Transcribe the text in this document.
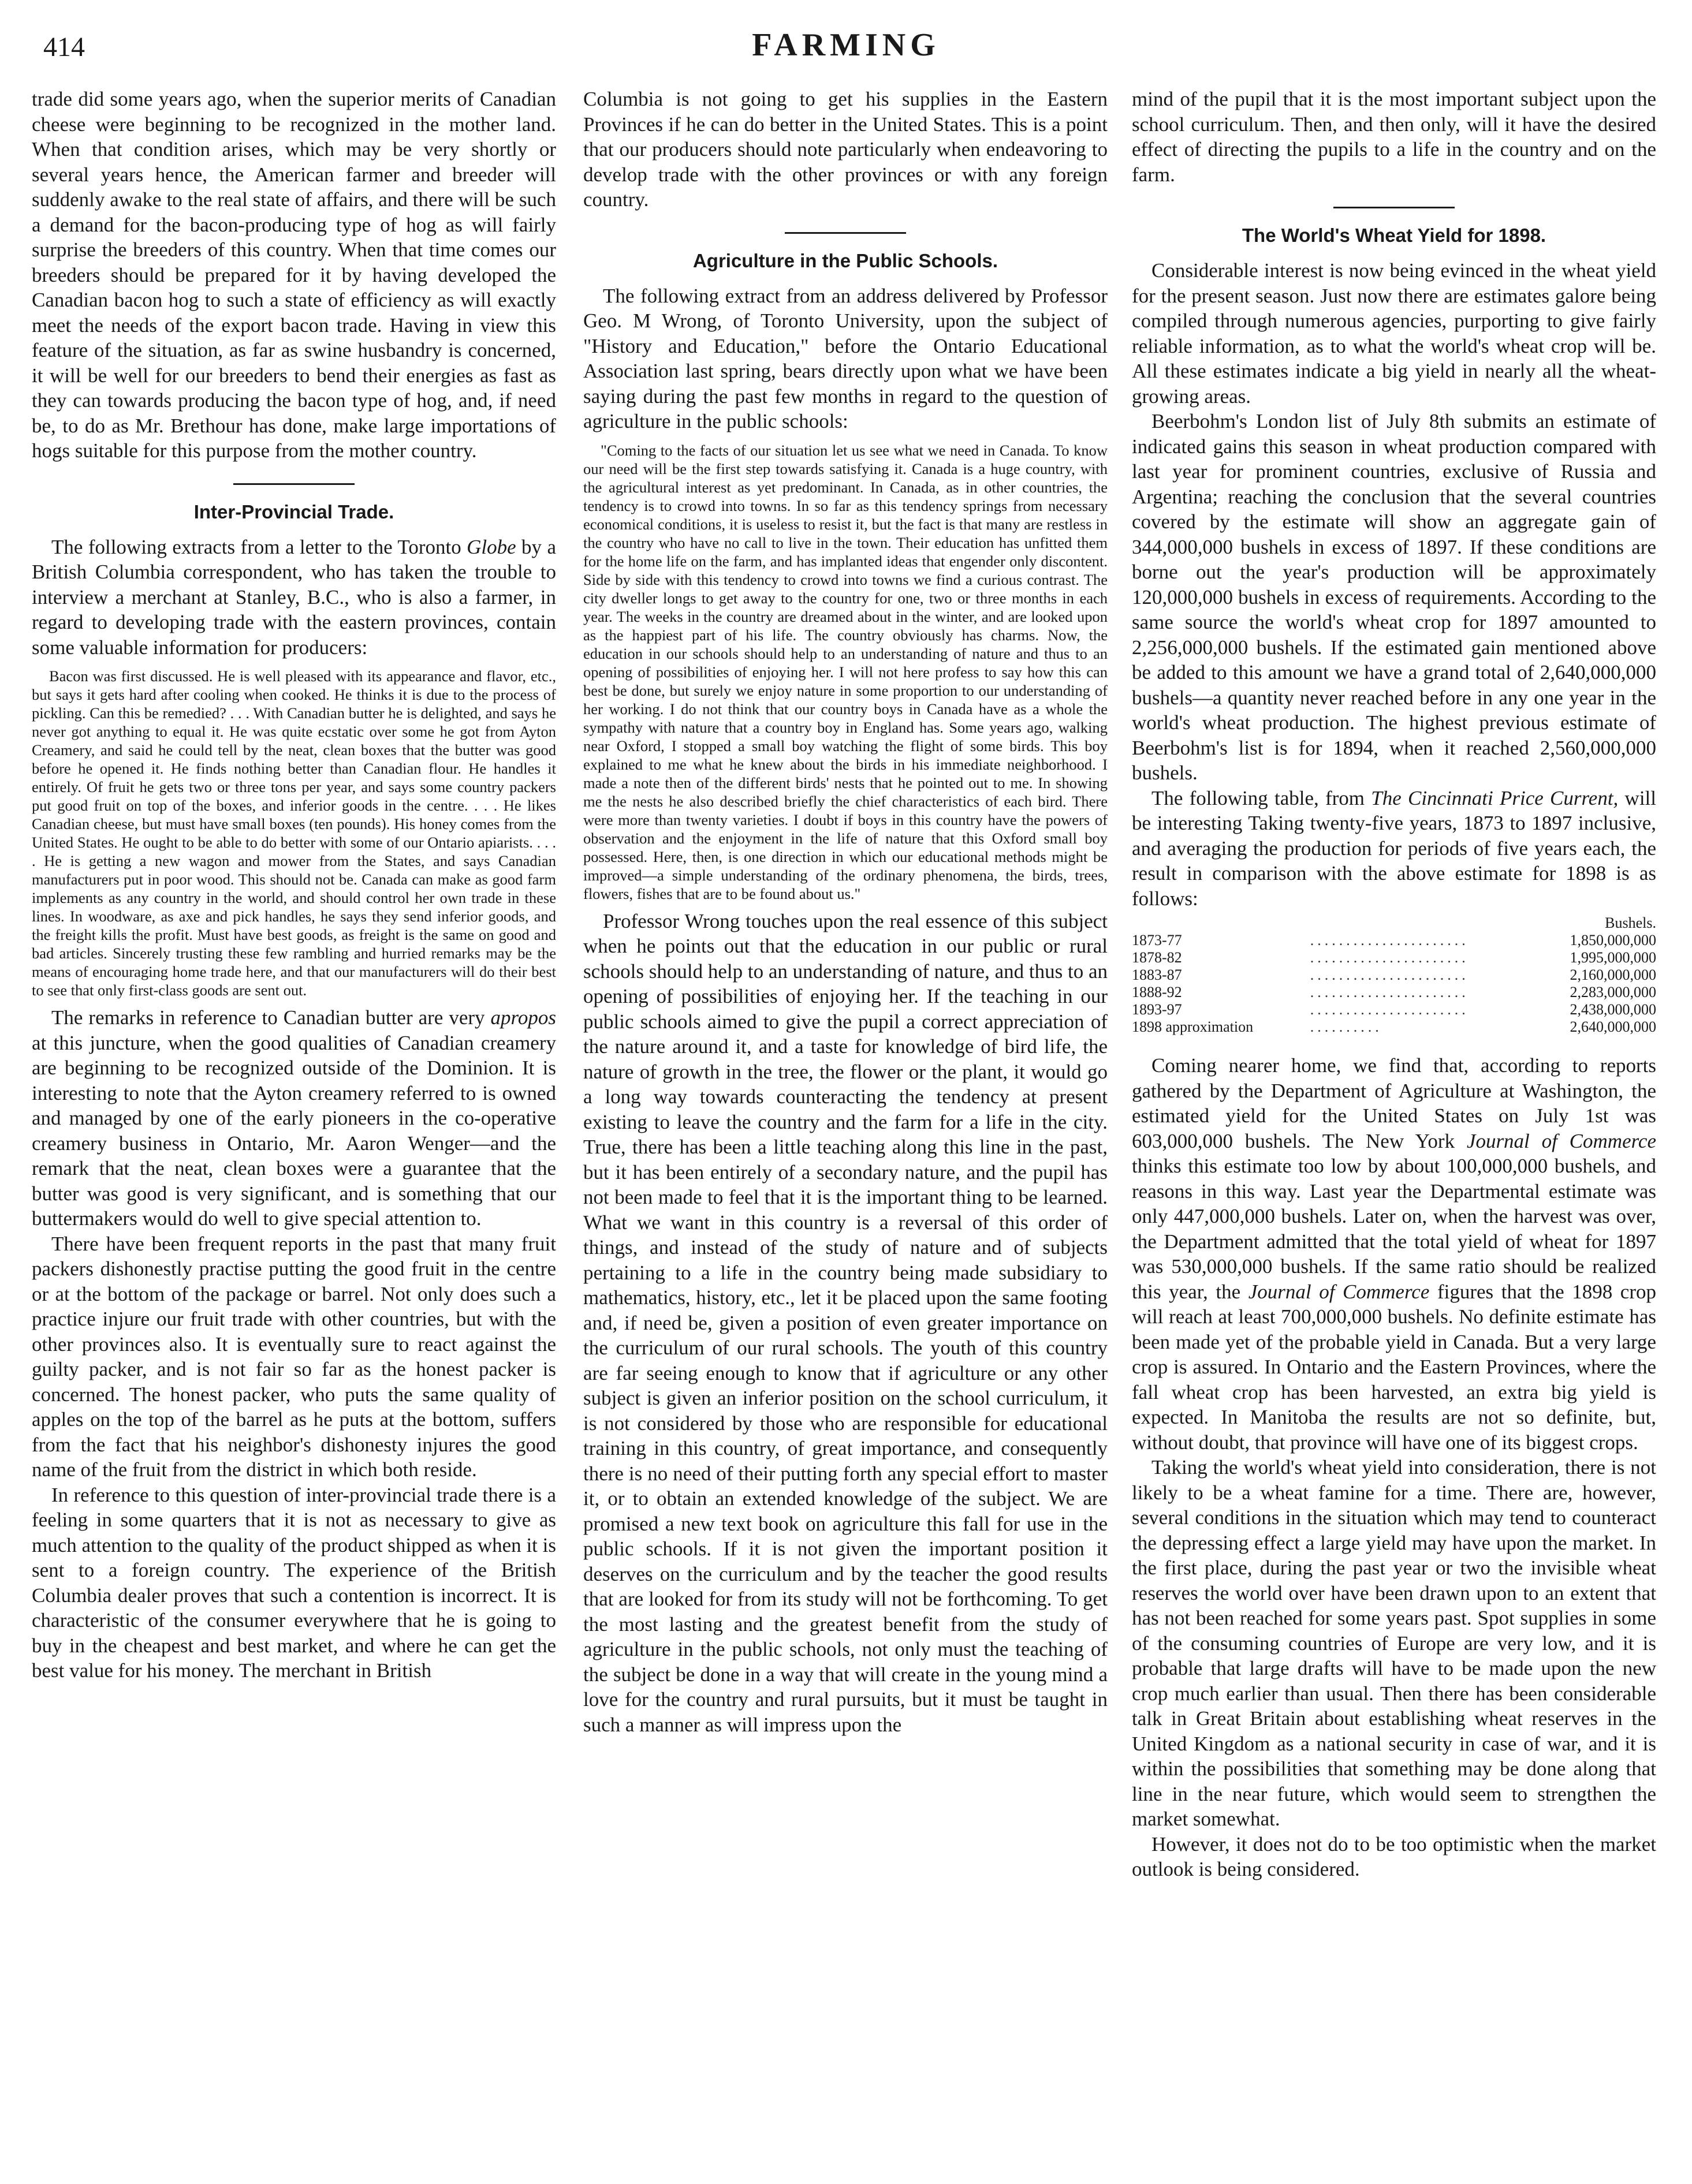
414	FARMING

trade did some years ago, when the superior merits of Canadian cheese were beginning to be recognized in the mother land. When that condition arises, which may be very shortly or several years hence, the American farmer and breeder will suddenly awake to the real state of affairs, and there will be such a demand for the bacon-producing type of hog as will fairly surprise the breeders of this country. When that time comes our breeders should be prepared for it by having developed the Canadian bacon hog to such a state of efficiency as will exactly meet the needs of the export bacon trade. Having in view this feature of the situation, as far as swine husbandry is concerned, it will be well for our breeders to bend their energies as fast as they can towards producing the bacon type of hog, and, if need be, to do as Mr. Brethour has done, make large importations of hogs suitable for this purpose from the mother country.

Inter-Provincial Trade.

The following extracts from a letter to the Toronto Globe by a British Columbia correspondent, who has taken the trouble to interview a merchant at Stanley, B.C., who is also a farmer, in regard to developing trade with the eastern provinces, contain some valuable information for producers:

Bacon was first discussed. He is well pleased with its appearance and flavor, etc., but says it gets hard after cooling when cooked. He thinks it is due to the process of pickling. Can this be remedied? . . . With Canadian butter he is delighted, and says he never got anything to equal it. He was quite ecstatic over some he got from Ayton Creamery, and said he could tell by the neat, clean boxes that the butter was good before he opened it. He finds nothing better than Canadian flour. He handles it entirely. Of fruit he gets two or three tons per year, and says some country packers put good fruit on top of the boxes, and inferior goods in the centre. . . . He likes Canadian cheese, but must have small boxes (ten pounds). His honey comes from the United States. He ought to be able to do better with some of our Ontario apiarists. . . . . He is getting a new wagon and mower from the States, and says Canadian manufacturers put in poor wood. This should not be. Canada can make as good farm implements as any country in the world, and should control her own trade in these lines. In woodware, as axe and pick handles, he says they send inferior goods, and the freight kills the profit. Must have best goods, as freight is the same on good and bad articles. Sincerely trusting these few rambling and hurried remarks may be the means of encouraging home trade here, and that our manufacturers will do their best to see that only first-class goods are sent out.

The remarks in reference to Canadian butter are very apropos at this juncture, when the good qualities of Canadian creamery are beginning to be recognized outside of the Dominion. It is interesting to note that the Ayton creamery referred to is owned and managed by one of the early pioneers in the co-operative creamery business in Ontario, Mr. Aaron Wenger—and the remark that the neat, clean boxes were a guarantee that the butter was good is very significant, and is something that our buttermakers would do well to give special attention to.

There have been frequent reports in the past that many fruit packers dishonestly practise putting the good fruit in the centre or at the bottom of the package or barrel. Not only does such a practice injure our fruit trade with other countries, but with the other provinces also. It is eventually sure to react against the guilty packer, and is not fair so far as the honest packer is concerned. The honest packer, who puts the same quality of apples on the top of the barrel as he puts at the bottom, suffers from the fact that his neighbor's dishonesty injures the good name of the fruit from the district in which both reside.

In reference to this question of inter-provincial trade there is a feeling in some quarters that it is not as necessary to give as much attention to the quality of the product shipped as when it is sent to a foreign country. The experience of the British Columbia dealer proves that such a contention is incorrect. It is characteristic of the consumer everywhere that he is going to buy in the cheapest and best market, and where he can get the best value for his money. The merchant in British

Columbia is not going to get his supplies in the Eastern Provinces if he can do better in the United States. This is a point that our producers should note particularly when endeavoring to develop trade with the other provinces or with any foreign country.

Agriculture in the Public Schools.

The following extract from an address delivered by Professor Geo. M Wrong, of Toronto University, upon the subject of "History and Education," before the Ontario Educational Association last spring, bears directly upon what we have been saying during the past few months in regard to the question of agriculture in the public schools:

"Coming to the facts of our situation let us see what we need in Canada. To know our need will be the first step towards satisfying it. Canada is a huge country, with the agricultural interest as yet predominant. In Canada, as in other countries, the tendency is to crowd into towns. In so far as this tendency springs from necessary economical conditions, it is useless to resist it, but the fact is that many are restless in the country who have no call to live in the town. Their education has unfitted them for the home life on the farm, and has implanted ideas that engender only discontent. Side by side with this tendency to crowd into towns we find a curious contrast. The city dweller longs to get away to the country for one, two or three months in each year. The weeks in the country are dreamed about in the winter, and are looked upon as the happiest part of his life. The country obviously has charms. Now, the education in our schools should help to an understanding of nature and thus to an opening of possibilities of enjoying her. I will not here profess to say how this can best be done, but surely we enjoy nature in some proportion to our understanding of her working. I do not think that our country boys in Canada have as a whole the sympathy with nature that a country boy in England has. Some years ago, walking near Oxford, I stopped a small boy watching the flight of some birds. This boy explained to me what he knew about the birds in his immediate neighborhood. I made a note then of the different birds' nests that he pointed out to me. In showing me the nests he also described briefly the chief characteristics of each bird. There were more than twenty varieties. I doubt if boys in this country have the powers of observation and the enjoyment in the life of nature that this Oxford small boy possessed. Here, then, is one direction in which our educational methods might be improved—a simple understanding of the ordinary phenomena, the birds, trees, flowers, fishes that are to be found about us."

Professor Wrong touches upon the real essence of this subject when he points out that the education in our public or rural schools should help to an understanding of nature, and thus to an opening of possibilities of enjoying her. If the teaching in our public schools aimed to give the pupil a correct appreciation of the nature around it, and a taste for knowledge of bird life, the nature of growth in the tree, the flower or the plant, it would go a long way towards counteracting the tendency at present existing to leave the country and the farm for a life in the city. True, there has been a little teaching along this line in the past, but it has been entirely of a secondary nature, and the pupil has not been made to feel that it is the important thing to be learned. What we want in this country is a reversal of this order of things, and instead of the study of nature and of subjects pertaining to a life in the country being made subsidiary to mathematics, history, etc., let it be placed upon the same footing and, if need be, given a position of even greater importance on the curriculum of our rural schools. The youth of this country are far seeing enough to know that if agriculture or any other subject is given an inferior position on the school curriculum, it is not considered by those who are responsible for educational training in this country, of great importance, and consequently there is no need of their putting forth any special effort to master it, or to obtain an extended knowledge of the subject. We are promised a new text book on agriculture this fall for use in the public schools. If it is not given the important position it deserves on the curriculum and by the teacher the good results that are looked for from its study will not be forthcoming. To get the most lasting and the greatest benefit from the study of agriculture in the public schools, not only must the teaching of the subject be done in a way that will create in the young mind a love for the country and rural pursuits, but it must be taught in such a manner as will impress upon the

mind of the pupil that it is the most important subject upon the school curriculum. Then, and then only, will it have the desired effect of directing the pupils to a life in the country and on the farm.

The World's Wheat Yield for 1898.

Considerable interest is now being evinced in the wheat yield for the present season. Just now there are estimates galore being compiled through numerous agencies, purporting to give fairly reliable information, as to what the world's wheat crop will be. All these estimates indicate a big yield in nearly all the wheat-growing areas.

Beerbohm's London list of July 8th submits an estimate of indicated gains this season in wheat production compared with last year for prominent countries, exclusive of Russia and Argentina; reaching the conclusion that the several countries covered by the estimate will show an aggregate gain of 344,000,000 bushels in excess of 1897. If these conditions are borne out the year's production will be approximately 120,000,000 bushels in excess of requirements. According to the same source the world's wheat crop for 1897 amounted to 2,256,000,000 bushels. If the estimated gain mentioned above be added to this amount we have a grand total of 2,640,000,000 bushels—a quantity never reached before in any one year in the world's wheat production. The highest previous estimate of Beerbohm's list is for 1894, when it reached 2,560,000,000 bushels.

The following table, from The Cincinnati Price Current, will be interesting Taking twenty-five years, 1873 to 1897 inclusive, and averaging the production for periods of five years each, the result in comparison with the above estimate for 1898 is as follows:

Bushels.		
1873-77	......................	1,850,000,000
1878-82	......................	1,995,000,000
1883-87	......................	2,160,000,000
1888-92	......................	2,283,000,000
1893-97	......................	2,438,000,000
1898 approximation	..........	2,640,000,000

Coming nearer home, we find that, according to reports gathered by the Department of Agriculture at Washington, the estimated yield for the United States on July 1st was 603,000,000 bushels. The New York Journal of Commerce thinks this estimate too low by about 100,000,000 bushels, and reasons in this way. Last year the Departmental estimate was only 447,000,000 bushels. Later on, when the harvest was over, the Department admitted that the total yield of wheat for 1897 was 530,000,000 bushels. If the same ratio should be realized this year, the Journal of Commerce figures that the 1898 crop will reach at least 700,000,000 bushels. No definite estimate has been made yet of the probable yield in Canada. But a very large crop is assured. In Ontario and the Eastern Provinces, where the fall wheat crop has been harvested, an extra big yield is expected. In Manitoba the results are not so definite, but, without doubt, that province will have one of its biggest crops.

Taking the world's wheat yield into consideration, there is not likely to be a wheat famine for a time. There are, however, several conditions in the situation which may tend to counteract the depressing effect a large yield may have upon the market. In the first place, during the past year or two the invisible wheat reserves the world over have been drawn upon to an extent that has not been reached for some years past. Spot supplies in some of the consuming countries of Europe are very low, and it is probable that large drafts will have to be made upon the new crop much earlier than usual. Then there has been considerable talk in Great Britain about establishing wheat reserves in the United Kingdom as a national security in case of war, and it is within the possibilities that something may be done along that line in the near future, which would seem to strengthen the market somewhat.

However, it does not do to be too optimistic when the market outlook is being considered.
